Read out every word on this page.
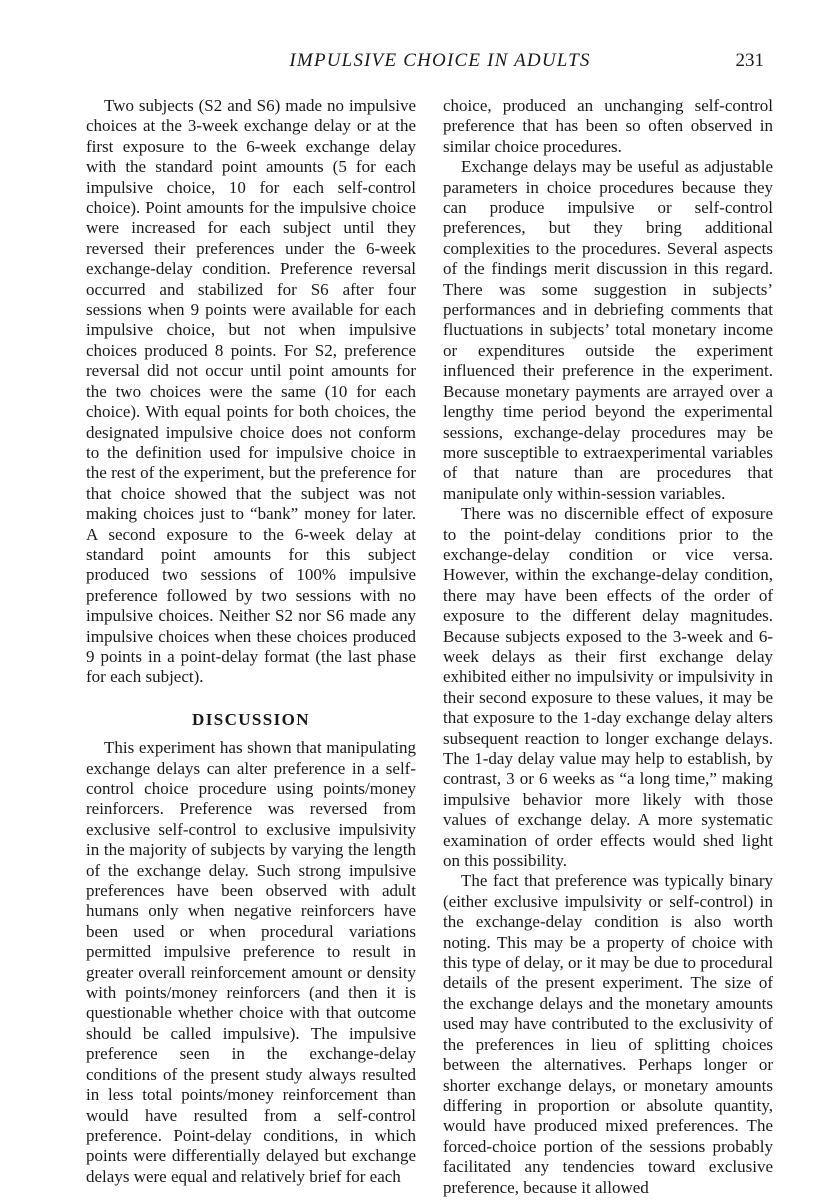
IMPULSIVE CHOICE IN ADULTS	231

Two subjects (S2 and S6) made no impulsive choices at the 3-week exchange delay or at the first exposure to the 6-week exchange delay with the standard point amounts (5 for each impulsive choice, 10 for each self-control choice). Point amounts for the impulsive choice were increased for each subject until they reversed their preferences under the 6-week exchange-delay condition. Preference reversal occurred and stabilized for S6 after four sessions when 9 points were available for each impulsive choice, but not when impulsive choices produced 8 points. For S2, preference reversal did not occur until point amounts for the two choices were the same (10 for each choice). With equal points for both choices, the designated impulsive choice does not conform to the definition used for impulsive choice in the rest of the experiment, but the preference for that choice showed that the subject was not making choices just to “bank” money for later. A second exposure to the 6-week delay at standard point amounts for this subject produced two sessions of 100% impulsive preference followed by two sessions with no impulsive choices. Neither S2 nor S6 made any impulsive choices when these choices produced 9 points in a point-delay format (the last phase for each subject).

DISCUSSION

This experiment has shown that manipulating exchange delays can alter preference in a self-control choice procedure using points/money reinforcers. Preference was reversed from exclusive self-control to exclusive impulsivity in the majority of subjects by varying the length of the exchange delay. Such strong impulsive preferences have been observed with adult humans only when negative reinforcers have been used or when procedural variations permitted impulsive preference to result in greater overall reinforcement amount or density with points/money reinforcers (and then it is questionable whether choice with that outcome should be called impulsive). The impulsive preference seen in the exchange-delay conditions of the present study always resulted in less total points/money reinforcement than would have resulted from a self-control preference. Point-delay conditions, in which points were differentially delayed but exchange delays were equal and relatively brief for each

choice, produced an unchanging self-control preference that has been so often observed in similar choice procedures.

Exchange delays may be useful as adjustable parameters in choice procedures because they can produce impulsive or self-control preferences, but they bring additional complexities to the procedures. Several aspects of the findings merit discussion in this regard. There was some suggestion in subjects’ performances and in debriefing comments that fluctuations in subjects’ total monetary income or expenditures outside the experiment influenced their preference in the experiment. Because monetary payments are arrayed over a lengthy time period beyond the experimental sessions, exchange-delay procedures may be more susceptible to extraexperimental variables of that nature than are procedures that manipulate only within-session variables.

There was no discernible effect of exposure to the point-delay conditions prior to the exchange-delay condition or vice versa. However, within the exchange-delay condition, there may have been effects of the order of exposure to the different delay magnitudes. Because subjects exposed to the 3-week and 6-week delays as their first exchange delay exhibited either no impulsivity or impulsivity in their second exposure to these values, it may be that exposure to the 1-day exchange delay alters subsequent reaction to longer exchange delays. The 1-day delay value may help to establish, by contrast, 3 or 6 weeks as “a long time,” making impulsive behavior more likely with those values of exchange delay. A more systematic examination of order effects would shed light on this possibility.

The fact that preference was typically binary (either exclusive impulsivity or self-control) in the exchange-delay condition is also worth noting. This may be a property of choice with this type of delay, or it may be due to procedural details of the present experiment. The size of the exchange delays and the monetary amounts used may have contributed to the exclusivity of the preferences in lieu of splitting choices between the alternatives. Perhaps longer or shorter exchange delays, or monetary amounts differing in proportion or absolute quantity, would have produced mixed preferences. The forced-choice portion of the sessions probably facilitated any tendencies toward exclusive preference, because it allowed
